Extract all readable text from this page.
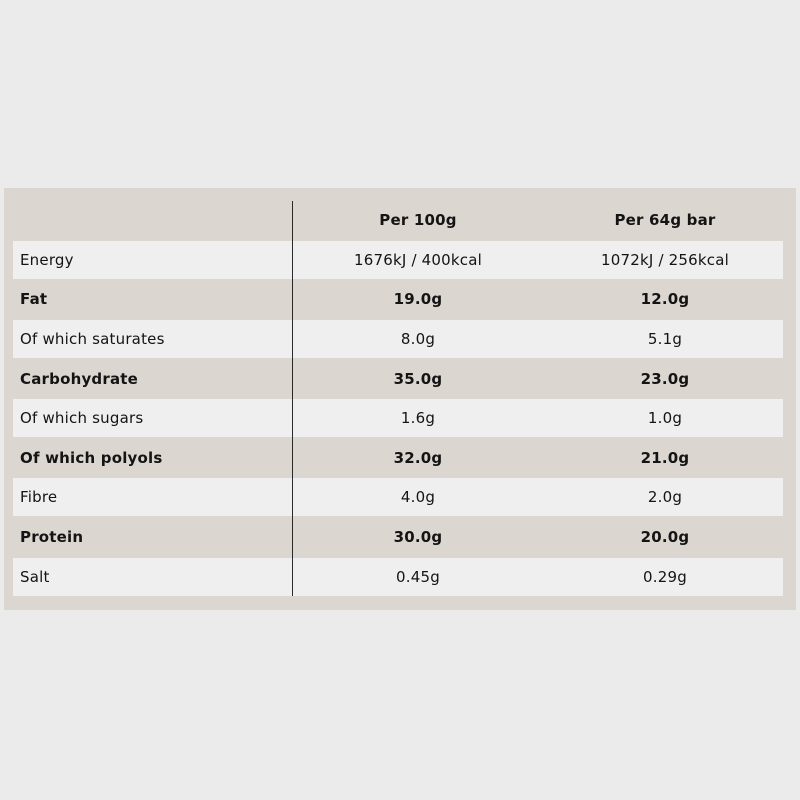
Per 100g	Per 64g bar
Energy	1676kJ / 400kcal	1072kJ / 256kcal
Fat	19.0g	12.0g
Of which saturates	8.0g	5.1g
Carbohydrate	35.0g	23.0g
Of which sugars	1.6g	1.0g
Of which polyols	32.0g	21.0g
Fibre	4.0g	2.0g
Protein	30.0g	20.0g
Salt	0.45g	0.29g
